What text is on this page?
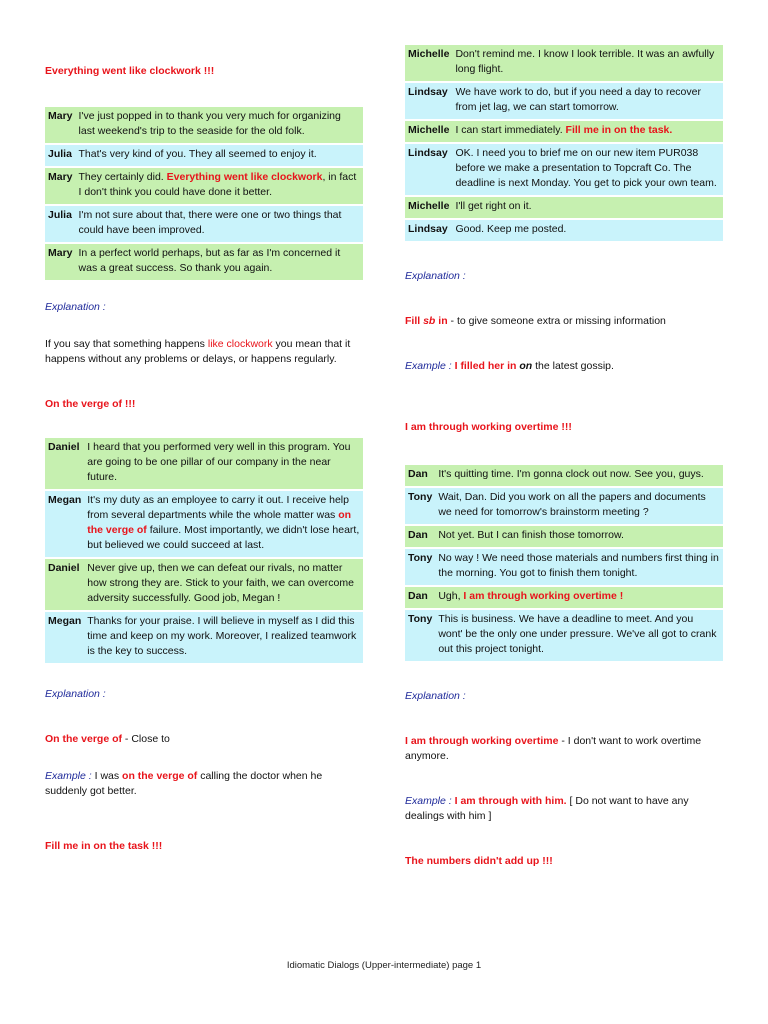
Everything went like clockwork !!!

Mary	I've just popped in to thank you very much for organizing last weekend's trip to the seaside for the old folk.
Julia	That's very kind of you. They all seemed to enjoy it.
Mary	They certainly did. Everything went like clockwork, in fact I don't think you could have done it better.
Julia	I'm not sure about that, there were one or two things that could have been improved.
Mary	In a perfect world perhaps, but as far as I'm concerned it was a great success. So thank you again.

Explanation :

If you say that something happens like clockwork you mean that it happens without any problems or delays, or happens regularly.

On the verge of !!!

Daniel	I heard that you performed very well in this program. You are going to be one pillar of our company in the near future.
Megan	It's my duty as an employee to carry it out. I receive help from several departments while the whole matter was on the verge of failure. Most importantly, we didn't lose heart, but believed we could succeed at last.
Daniel	Never give up, then we can defeat our rivals, no matter how strong they are. Stick to your faith, we can overcome adversity successfully. Good job, Megan !
Megan	Thanks for your praise. I will believe in myself as I did this time and keep on my work. Moreover, I realized teamwork is the key to success.

Explanation :

On the verge of - Close to

Example : I was on the verge of calling the doctor when he suddenly got better.

Fill me in on the task !!!

Michelle	Don't remind me. I know I look terrible. It was an awfully long flight.
Lindsay	We have work to do, but if you need a day to recover from jet lag, we can start tomorrow.
Michelle	I can start immediately. Fill me in on the task.
Lindsay	OK. I need you to brief me on our new item PUR038 before we make a presentation to Topcraft Co. The deadline is next Monday. You get to pick your own team.
Michelle	I'll get right on it.
Lindsay	Good. Keep me posted.

Explanation :

Fill sb in - to give someone extra or missing information

Example : I filled her in on the latest gossip.

I am through working overtime !!!

Dan	It's quitting time. I'm gonna clock out now. See you, guys.
Tony	Wait, Dan. Did you work on all the papers and documents we need for tomorrow's brainstorm meeting ?
Dan	Not yet. But I can finish those tomorrow.
Tony	No way ! We need those materials and numbers first thing in the morning. You got to finish them tonight.
Dan	Ugh, I am through working overtime !
Tony	This is business. We have a deadline to meet. And you wont' be the only one under pressure. We've all got to crank out this project tonight.

Explanation :

I am through working overtime - I don't want to work overtime anymore.

Example : I am through with him. [ Do not want to have any dealings with him ]

The numbers didn't add up !!!

Idiomatic Dialogs (Upper-intermediate) page 1
